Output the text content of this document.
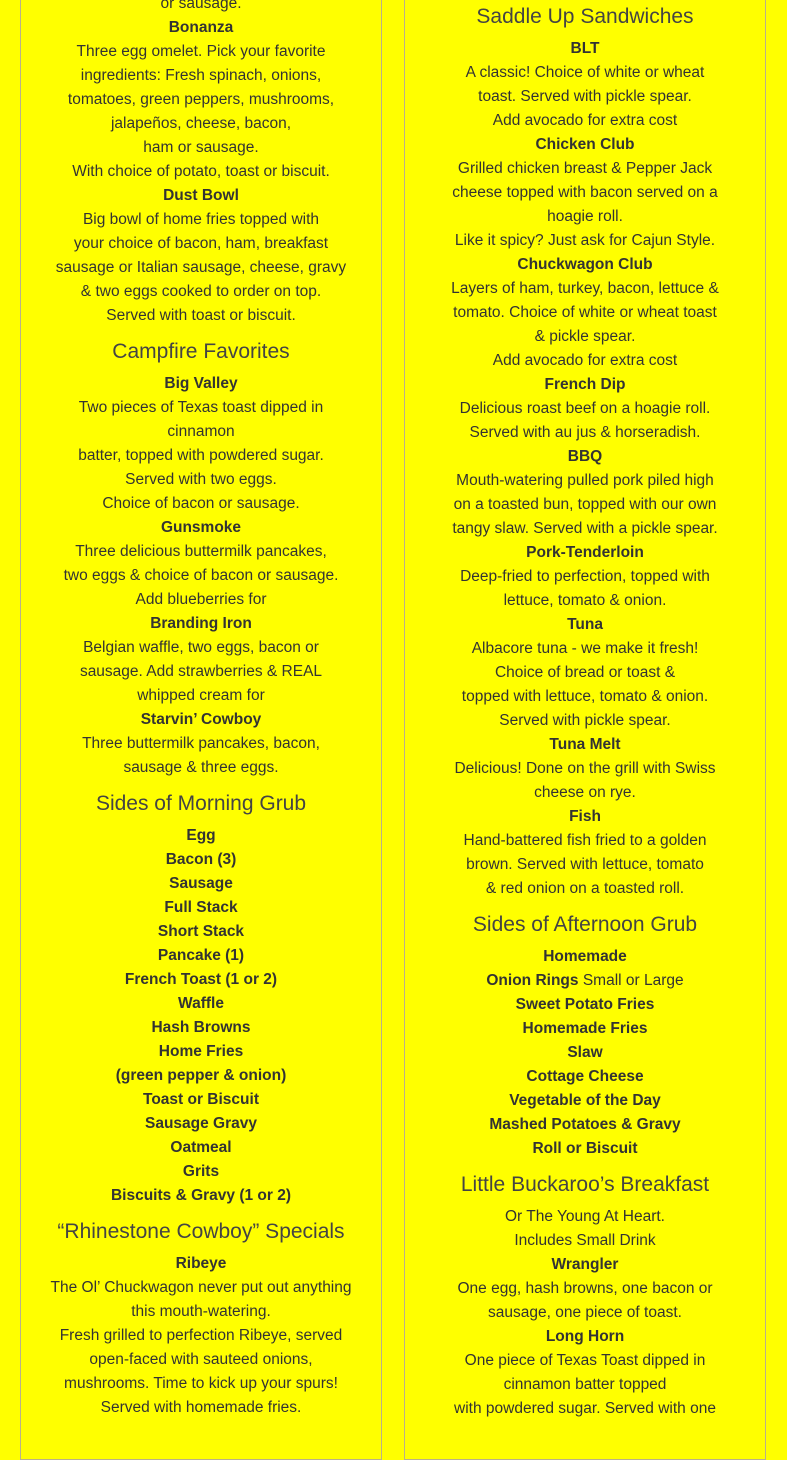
or sausage.
Bonanza
Three egg omelet. Pick your favorite
ingredients: Fresh spinach, onions,
tomatoes, green peppers, mushrooms,
jalapeños, cheese, bacon,
ham or sausage.
With choice of potato, toast or biscuit.
Dust Bowl
Big bowl of home fries topped with
your choice of bacon, ham, breakfast
sausage or Italian sausage, cheese, gravy
& two eggs cooked to order on top.
Served with toast or biscuit.
Campfire Favorites
Big Valley
Two pieces of Texas toast dipped in
cinnamon
batter, topped with powdered sugar.
Served with two eggs.
Choice of bacon or sausage.
Gunsmoke
Three delicious buttermilk pancakes,
two eggs & choice of bacon or sausage.
Add blueberries for
Branding Iron
Belgian waffle, two eggs, bacon or
sausage. Add strawberries & REAL
whipped cream for
Starvin’ Cowboy
Three buttermilk pancakes, bacon,
sausage & three eggs.
Sides of Morning Grub
Egg
Bacon (3)
Sausage
Full Stack
Short Stack
Pancake (1)
French Toast (1 or 2)
Waffle
Hash Browns
Home Fries
(green pepper & onion)
Toast or Biscuit
Sausage Gravy
Oatmeal
Grits
Biscuits & Gravy (1 or 2)
“Rhinestone Cowboy” Specials
Ribeye
The Ol’ Chuckwagon never put out anything
this mouth-watering.
Fresh grilled to perfection Ribeye, served
open-faced with sauteed onions,
mushrooms. Time to kick up your spurs!
Served with homemade fries.
Saddle Up Sandwiches
BLT
A classic! Choice of white or wheat
toast. Served with pickle spear.
Add avocado for extra cost
Chicken Club
Grilled chicken breast & Pepper Jack
cheese topped with bacon served on a
hoagie roll.
Like it spicy? Just ask for Cajun Style.
Chuckwagon Club
Layers of ham, turkey, bacon, lettuce &
tomato. Choice of white or wheat toast
& pickle spear.
Add avocado for extra cost
French Dip
Delicious roast beef on a hoagie roll.
Served with au jus & horseradish.
BBQ
Mouth-watering pulled pork piled high
on a toasted bun, topped with our own
tangy slaw. Served with a pickle spear.
Pork-Tenderloin
Deep-fried to perfection, topped with
lettuce, tomato & onion.
Tuna
Albacore tuna - we make it fresh!
Choice of bread or toast &
topped with lettuce, tomato & onion.
Served with pickle spear.
Tuna Melt
Delicious! Done on the grill with Swiss
cheese on rye.
Fish
Hand-battered fish fried to a golden
brown. Served with lettuce, tomato
& red onion on a toasted roll.
Sides of Afternoon Grub
Homemade
Onion Rings Small or Large
Sweet Potato Fries
Homemade Fries
Slaw
Cottage Cheese
Vegetable of the Day
Mashed Potatoes & Gravy
Roll or Biscuit
Little Buckaroo’s Breakfast
Or The Young At Heart.
Includes Small Drink
Wrangler
One egg, hash browns, one bacon or
sausage, one piece of toast.
Long Horn
One piece of Texas Toast dipped in
cinnamon batter topped
with powdered sugar. Served with one
